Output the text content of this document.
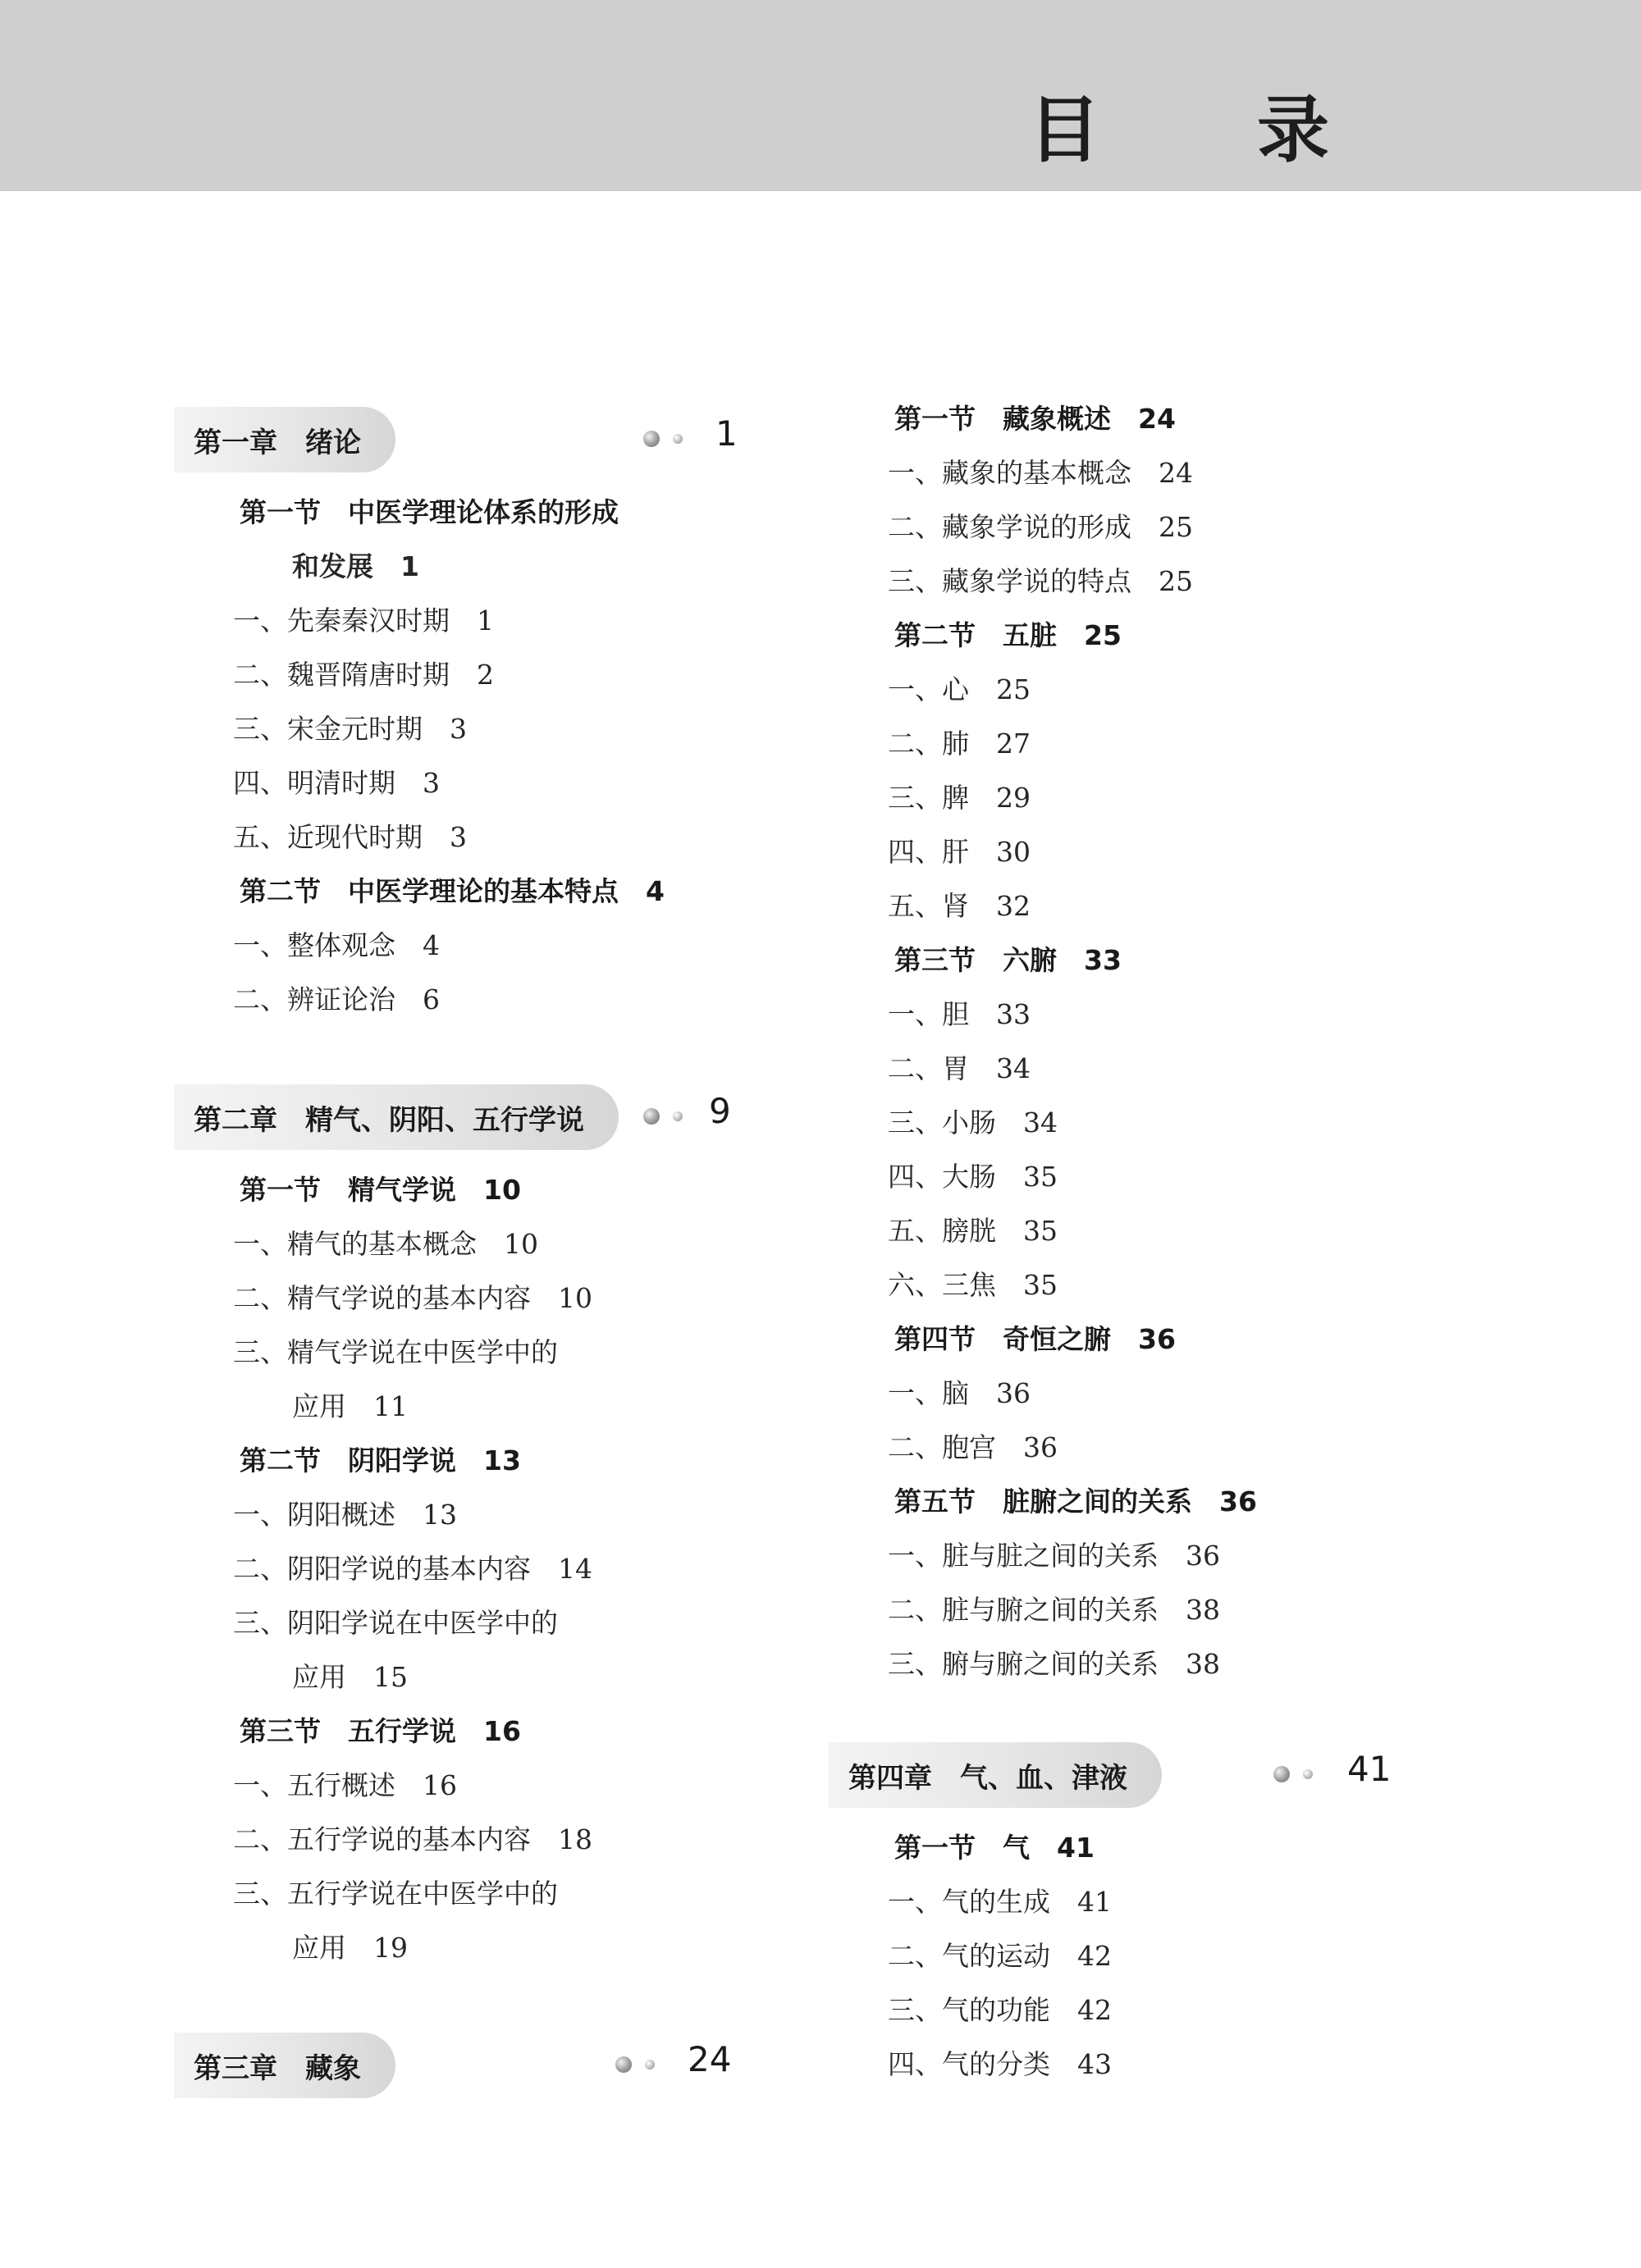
目 录
第一章　绪论	1
第一节　中医学理论体系的形成
和发展　1
一、先秦秦汉时期　1
二、魏晋隋唐时期　2
三、宋金元时期　3
四、明清时期　3
五、近现代时期　3
第二节　中医学理论的基本特点　4
一、整体观念　4
二、辨证论治　6
第二章　精气、阴阳、五行学说	9
第一节　精气学说　10
一、精气的基本概念　10
二、精气学说的基本内容　10
三、精气学说在中医学中的
应用　11
第二节　阴阳学说　13
一、阴阳概述　13
二、阴阳学说的基本内容　14
三、阴阳学说在中医学中的
应用　15
第三节　五行学说　16
一、五行概述　16
二、五行学说的基本内容　18
三、五行学说在中医学中的
应用　19
第三章　藏象	24
第一节　藏象概述　24
一、藏象的基本概念　24
二、藏象学说的形成　25
三、藏象学说的特点　25
第二节　五脏　25
一、心　25
二、肺　27
三、脾　29
四、肝　30
五、肾　32
第三节　六腑　33
一、胆　33
二、胃　34
三、小肠　34
四、大肠　35
五、膀胱　35
六、三焦　35
第四节　奇恒之腑　36
一、脑　36
二、胞宫　36
第五节　脏腑之间的关系　36
一、脏与脏之间的关系　36
二、脏与腑之间的关系　38
三、腑与腑之间的关系　38
第四章　气、血、津液	41
第一节　气　41
一、气的生成　41
二、气的运动　42
三、气的功能　42
四、气的分类　43
